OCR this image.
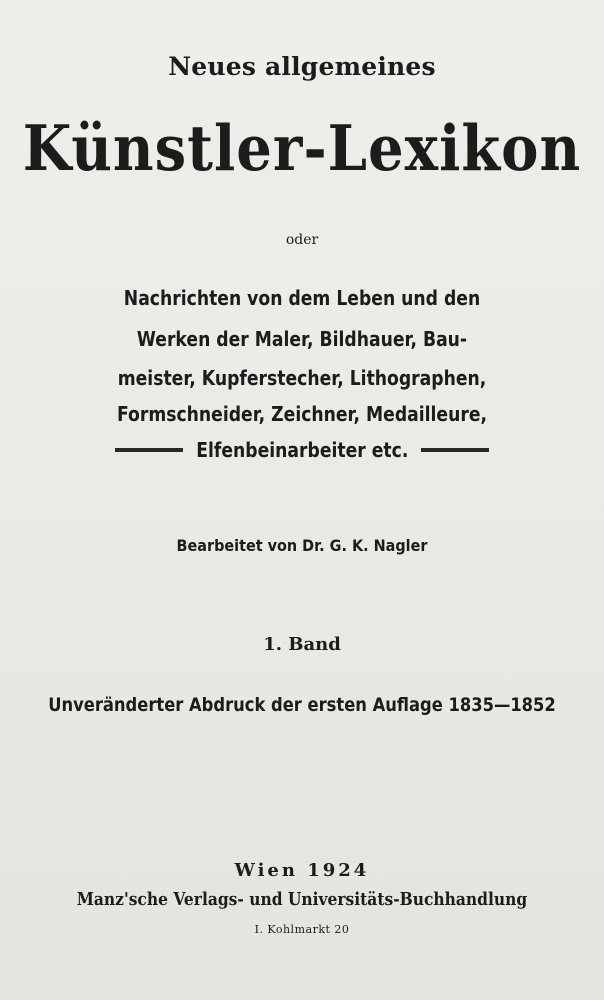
Neues allgemeines
Künstler-Lexikon
oder
Nachrichten von dem Leben und den
Werken der Maler, Bildhauer, Bau-
meister, Kupferstecher, Lithographen,
Formschneider, Zeichner, Medailleure,
Elfenbeinarbeiter etc.
Bearbeitet von Dr. G. K. Nagler
1. Band
Unveränderter Abdruck der ersten Auflage 1835—1852
Wien 1924
Manz'sche Verlags- und Universitäts-Buchhandlung
I. Kohlmarkt 20
